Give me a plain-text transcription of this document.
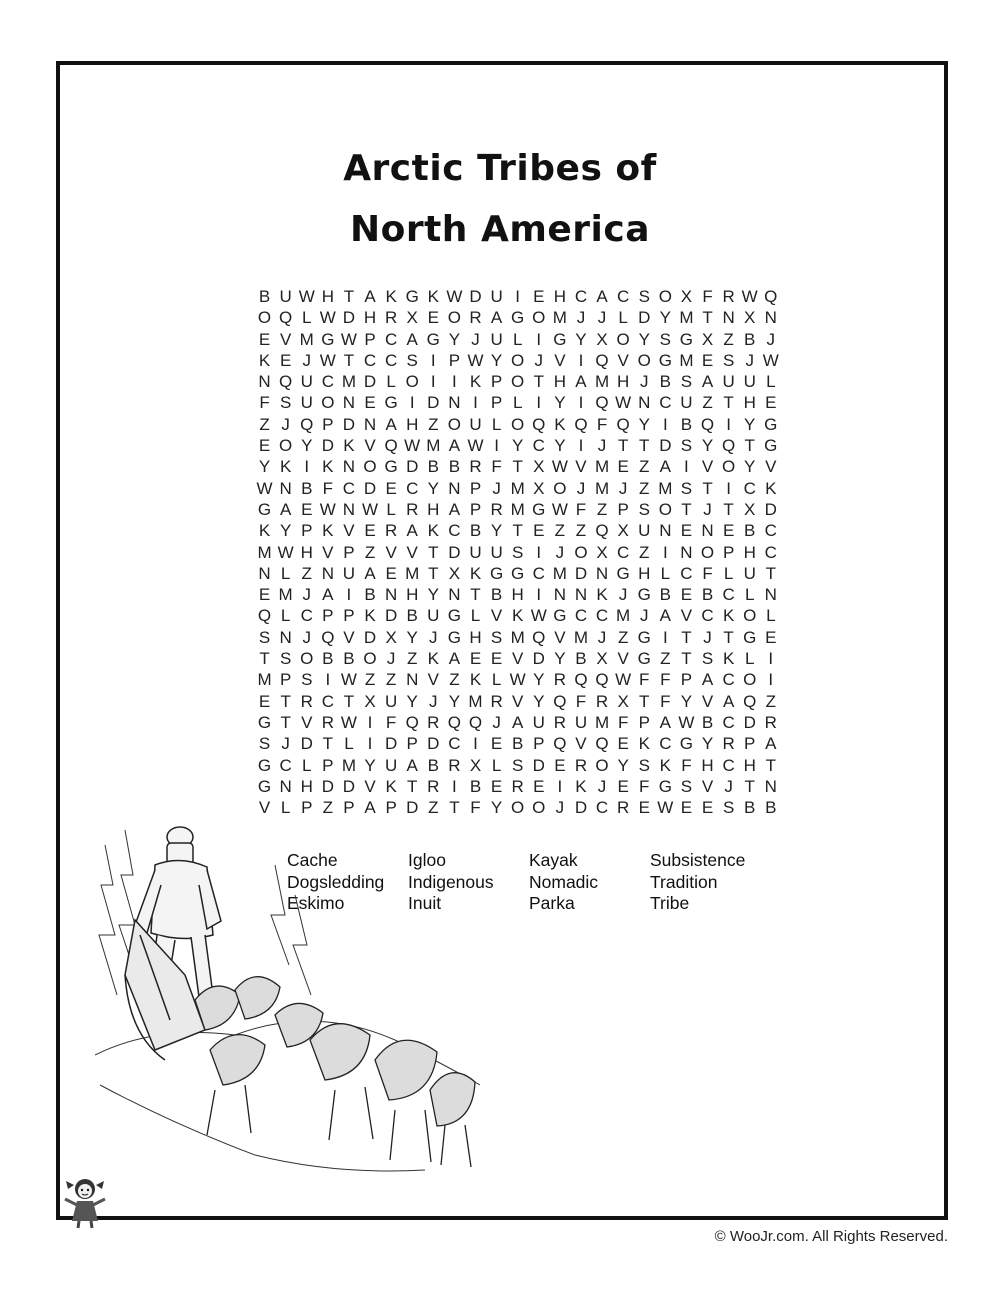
Arctic Tribes of
North America
B U W H T A K G K W D U I E H C A C S O X F R W Q
O Q L W D H R X E O R A G O M J J L D Y M T N X N
E V M G W P C A G Y J U L I G Y X O Y S G X Z B J
K E J W T C C S I P W Y O J V I Q V O G M E S J W
N Q U C M D L O I I K P O T H A M H J B S A U U L
F S U O N E G I D N I P L I Y I Q W N C U Z T H E
Z J Q P D N A H Z O U L O Q K Q F Q Y I B Q I Y G
E O Y D K V Q W M A W I Y C Y I J T T D S Y Q T G
Y K I K N O G D B B R F T X W V M E Z A I V O Y V
W N B F C D E C Y N P J M X O J M J Z M S T I C K
G A E W N W L R H A P R M G W F Z P S O T J T X D
K Y P K V E R A K C B Y T E Z Z Q X U N E N E B C
M W H V P Z V V T D U U S I J O X C Z I N O P H C
N L Z N U A E M T X K G G C M D N G H L C F L U T
E M J A I B N H Y N T B H I N N K J G B E B C L N
Q L C P P K D B U G L V K W G C C M J A V C K O L
S N J Q V D X Y J G H S M Q V M J Z G I T J T G E
T S O B B O J Z K A E E V D Y B X V G Z T S K L I
M P S I W Z Z N V Z K L W Y R Q Q W F F P A C O I
E T R C T X U Y J Y M R V Y Q F R X T F Y V A Q Z
G T V R W I F Q R Q Q J A U R U M F P A W B C D R
S J D T L I D P D C I E B P Q V Q E K C G Y R P A
G C L P M Y U A B R X L S D E R O Y S K F H C H T
G N H D D V K T R I B E R E I K J E F G S V J T N
V L P Z P A P D Z T F Y O O J D C R E W E E S B B
Cache	Igloo	Kayak	Subsistence
Dogsledding	Indigenous	Nomadic	Tradition
Eskimo	Inuit	Parka	Tribe
© WooJr.com. All Rights Reserved.
